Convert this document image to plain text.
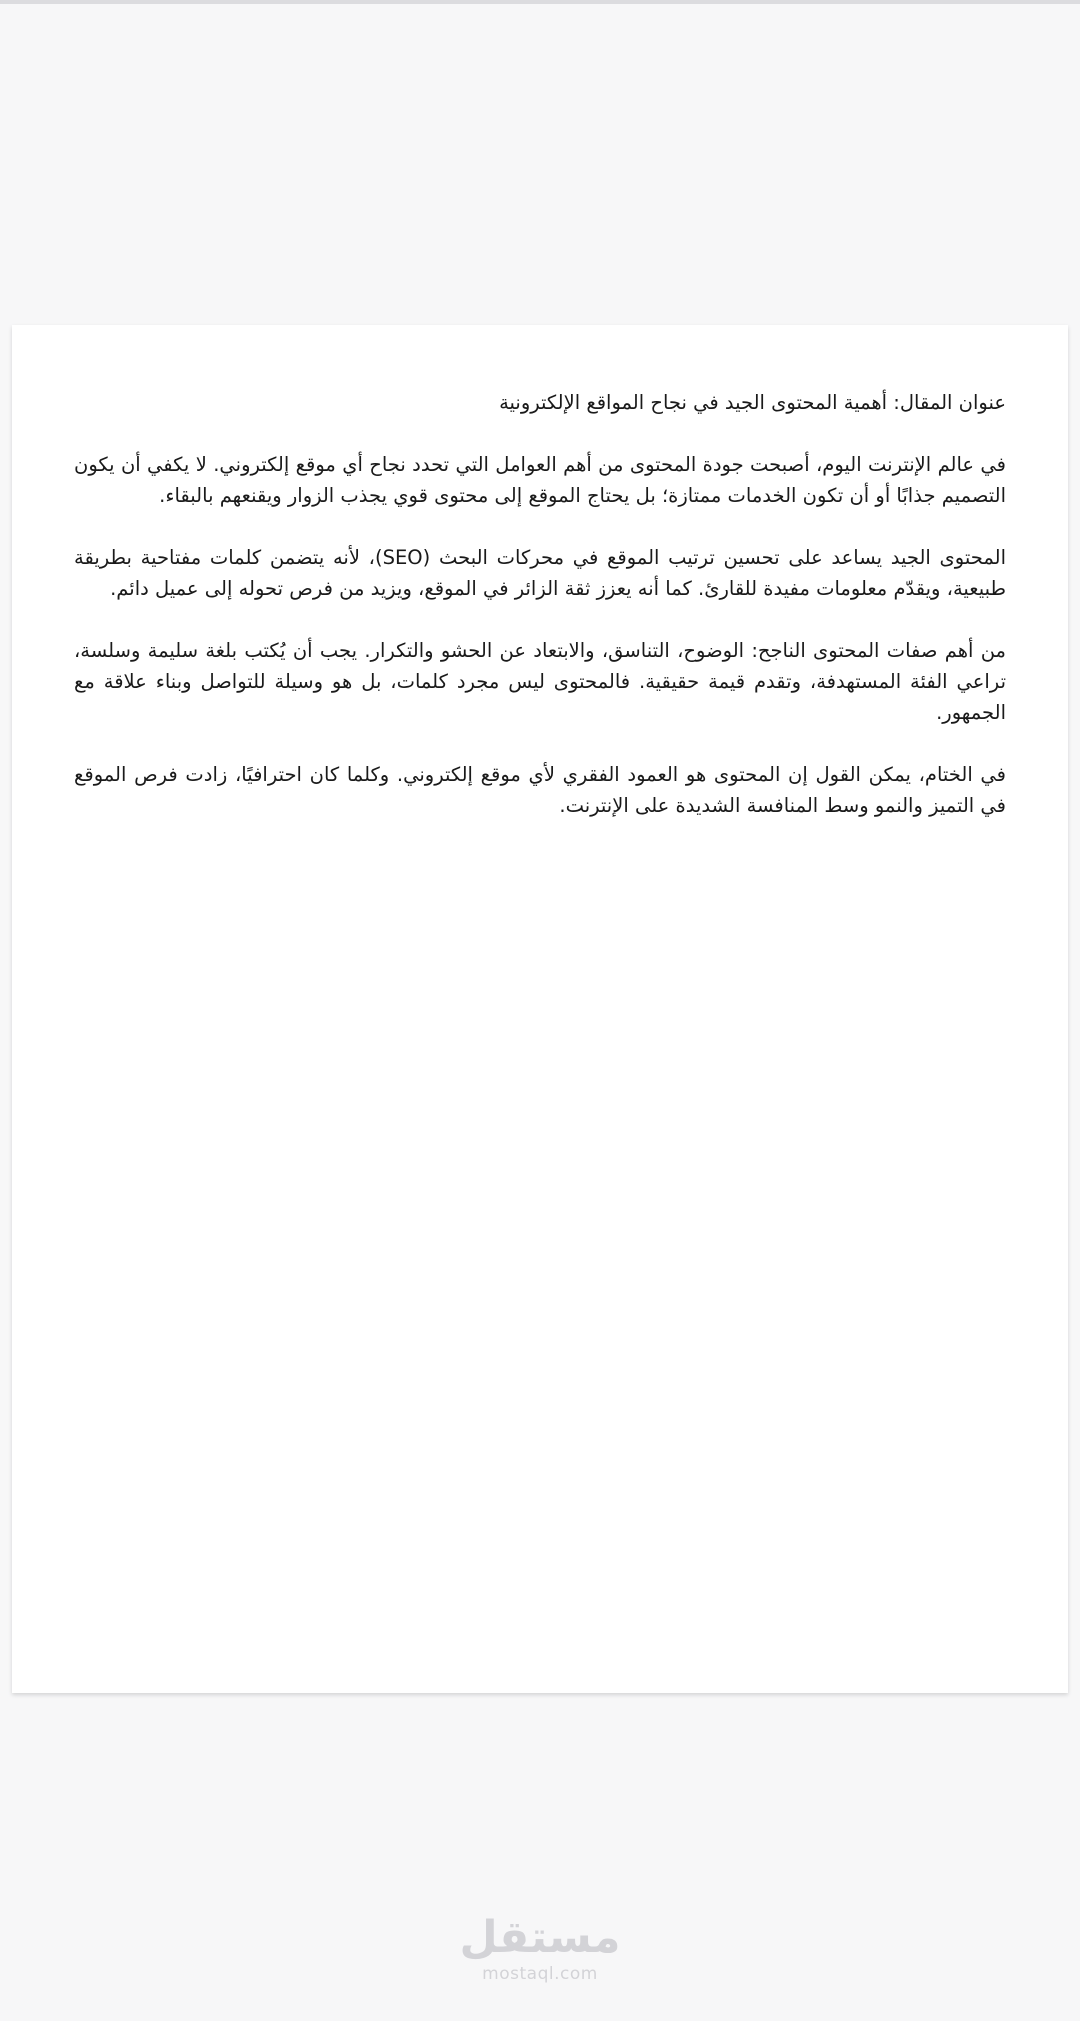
عنوان المقال: أهمية المحتوى الجيد في نجاح المواقع الإلكترونية

في عالم الإنترنت اليوم، أصبحت جودة المحتوى من أهم العوامل التي تحدد نجاح أي موقع إلكتروني. لا يكفي أن يكون التصميم جذابًا أو أن تكون الخدمات ممتازة؛ بل يحتاج الموقع إلى محتوى قوي يجذب الزوار ويقنعهم بالبقاء.

المحتوى الجيد يساعد على تحسين ترتيب الموقع في محركات البحث (SEO)، لأنه يتضمن كلمات مفتاحية بطريقة طبيعية، ويقدّم معلومات مفيدة للقارئ. كما أنه يعزز ثقة الزائر في الموقع، ويزيد من فرص تحوله إلى عميل دائم.

من أهم صفات المحتوى الناجح: الوضوح، التناسق، والابتعاد عن الحشو والتكرار. يجب أن يُكتب بلغة سليمة وسلسة، تراعي الفئة المستهدفة، وتقدم قيمة حقيقية. فالمحتوى ليس مجرد كلمات، بل هو وسيلة للتواصل وبناء علاقة مع الجمهور.

في الختام، يمكن القول إن المحتوى هو العمود الفقري لأي موقع إلكتروني. وكلما كان احترافيًا، زادت فرص الموقع في التميز والنمو وسط المنافسة الشديدة على الإنترنت.

مستقل
mostaql.com
